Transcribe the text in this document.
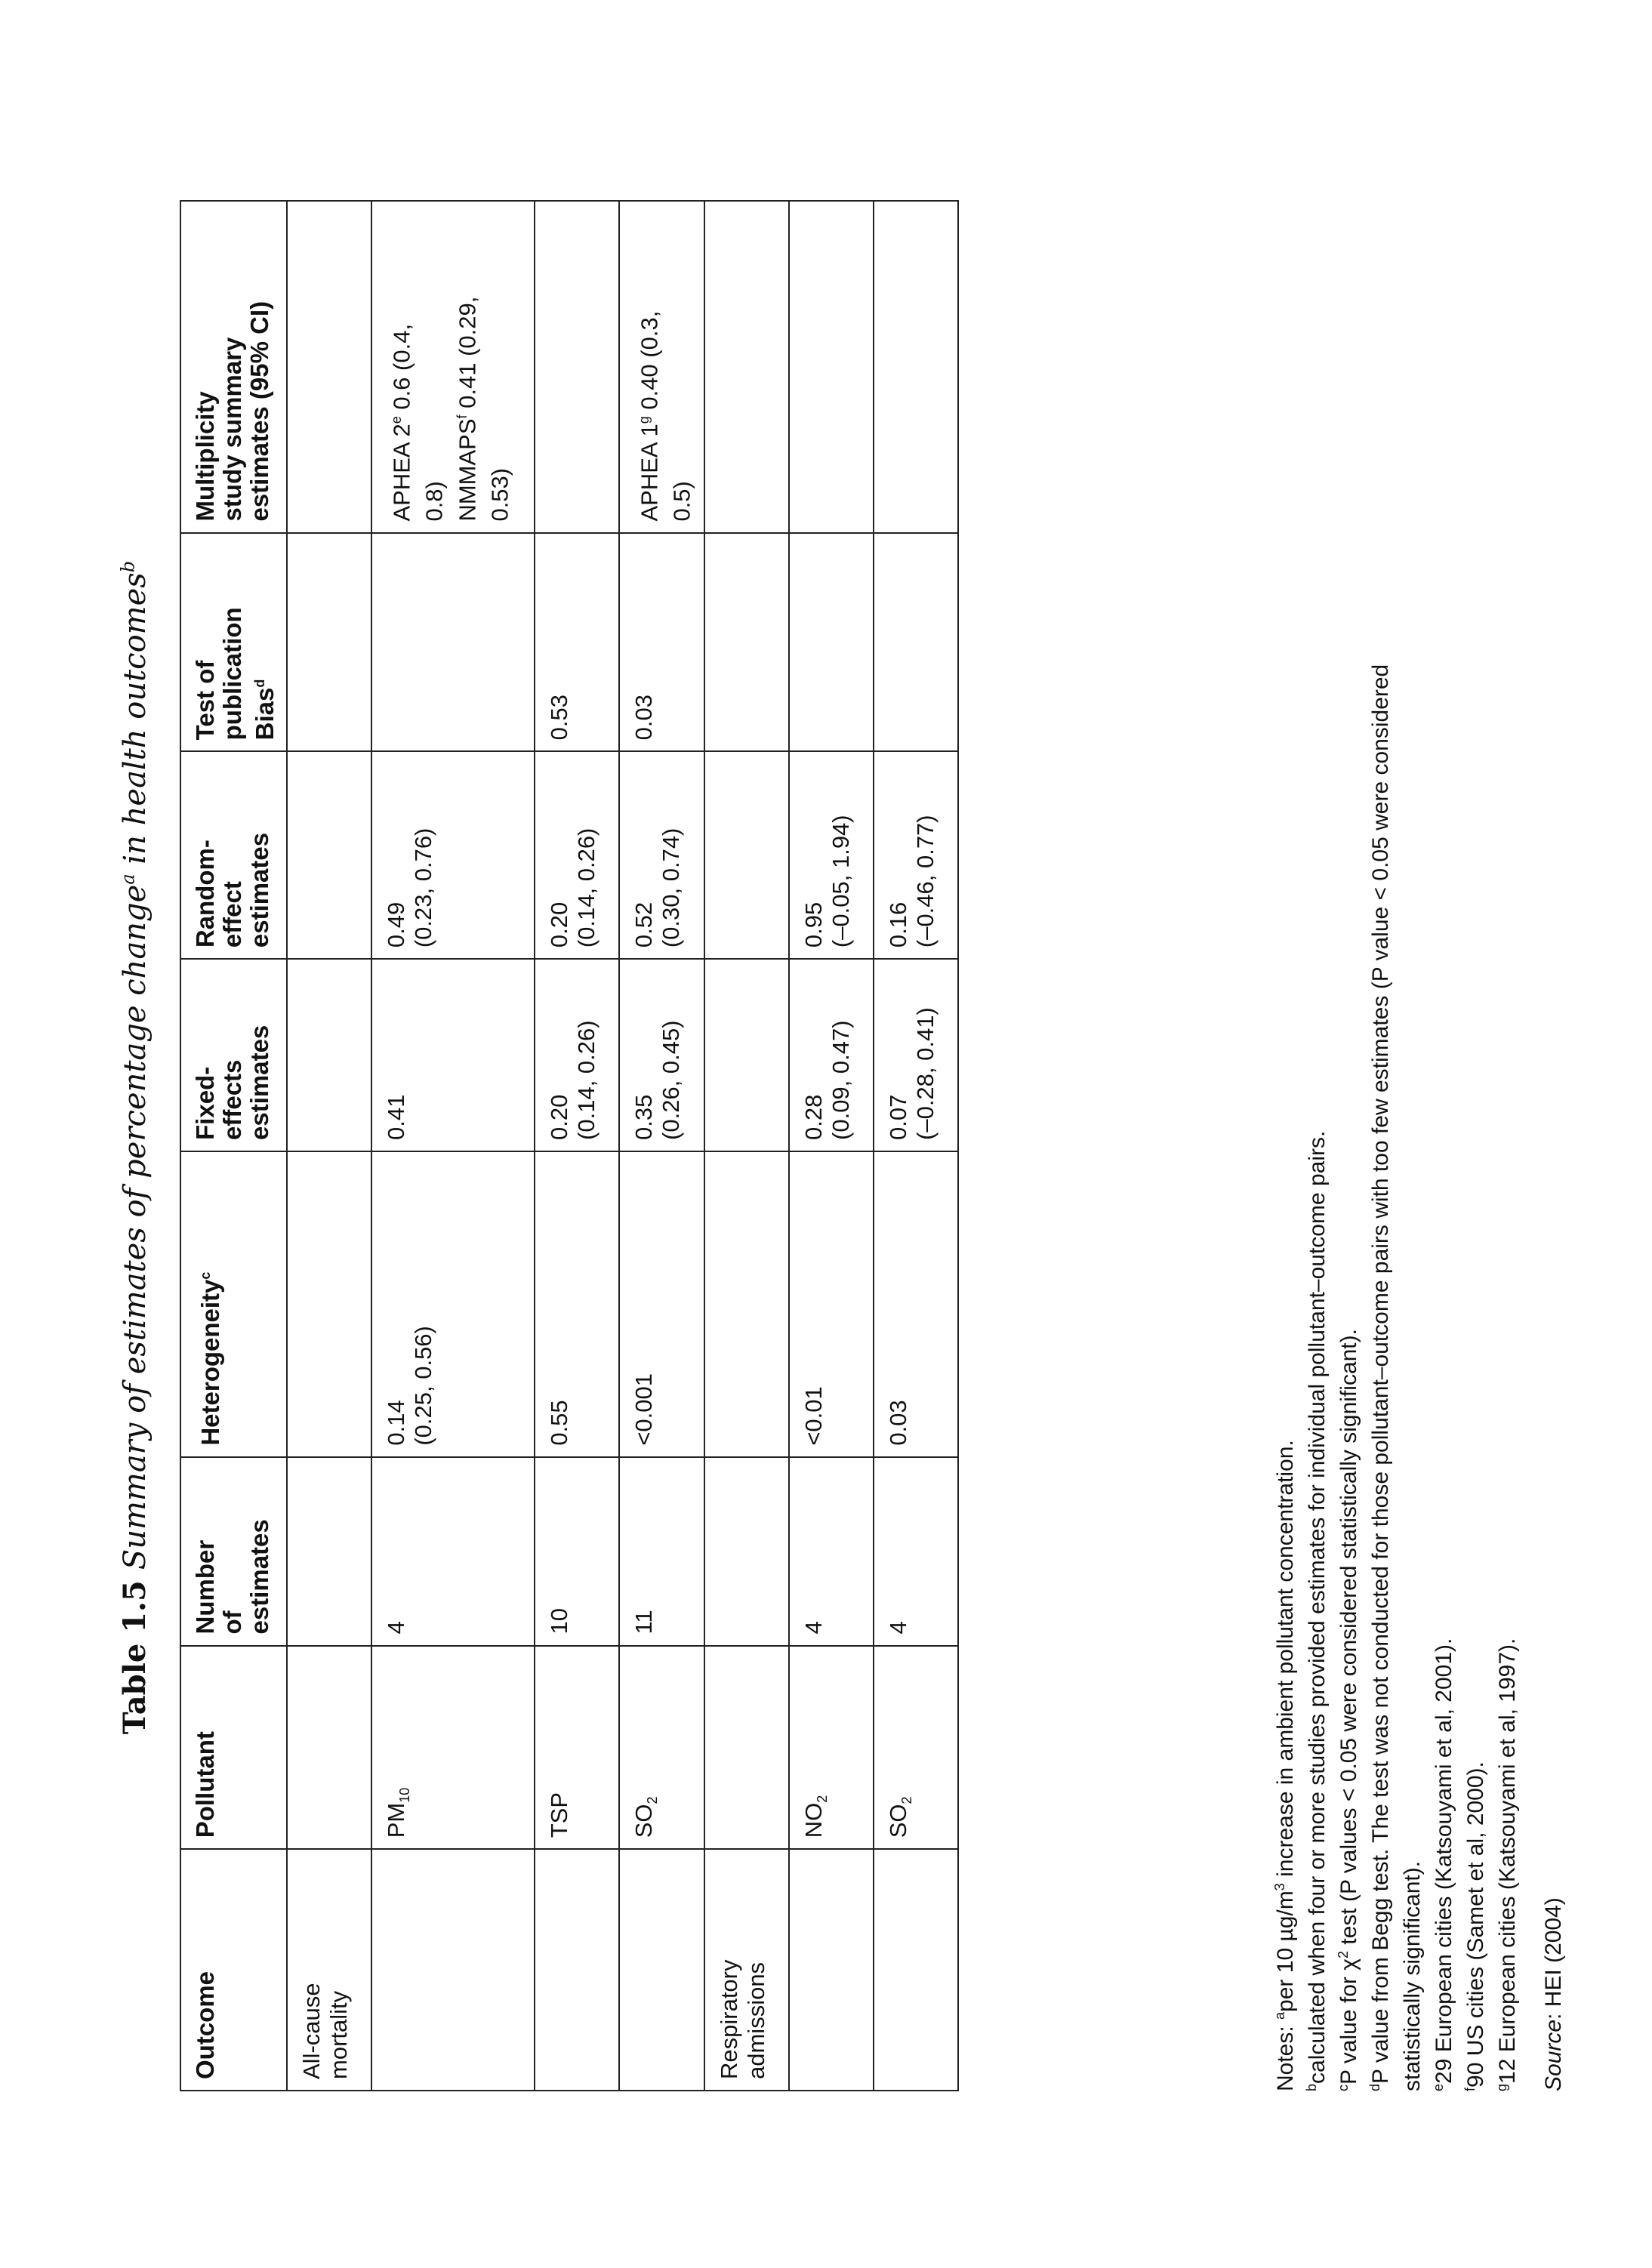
Table 1.5Summary of estimates of percentage change$^a$ in health outcomes$^b$
Outcome	Pollutant	Number of estimates	Heterogeneity$^c$	Fixed- effects estimates	Random- effect estimates	Test of publication Bias$^d$	Multiplicity study summary estimates (95% CI)

All-cause mortality							

	$PM_{10}$	4	0.14 (0.25, 0.56)	0.41	0.49 (0.23, 0.76)		APHEA 2e 0.6 (0.4,
0.8) NMMAPS$^f$ 0.41 (0.29,
0.53)

	TSP	10	0.55	0.20 (0.14, 0.26)	0.20 (0.14, 0.26)	0.53	

	$SO_2$	11	<0.001	0.35 (0.26, 0.45)	0.52 (0.30, 0.74)	0.03	APHEA 1$^g$ 0.40 (0.3,
0.5)

Respiratory admissions							

	$NO_2$	4	<0.01	0.28 (0.09, 0.47)	0.95 (–0.05, 1.94)		

	$SO_2$	4	0.03	0.07 (–0.28, 0.41)	0.16 (–0.46, 0.77)		

Notes: $^a$per 10 $\mu g/m^3$ increase in ambient pollutant concentration.
$^b$calculated when four or more studies provided estimates for individual pollutant–outcome pairs.
$^c$P value for $\chi^2$ test (P values < 0.05 were considered statistically significant).
$^d$P value from Begg test. The test was not conducted for those pollutant–outcome pairs with too few estimates (P value < 0.05 were considered statistically significant). $^e$29 European cities (Katsouyami et al, 2001).
$^f$90 US cities (Samet et al, 2000).
$^g$12 European cities (Katsouyami et al, 1997). Source: HEI (2004)
